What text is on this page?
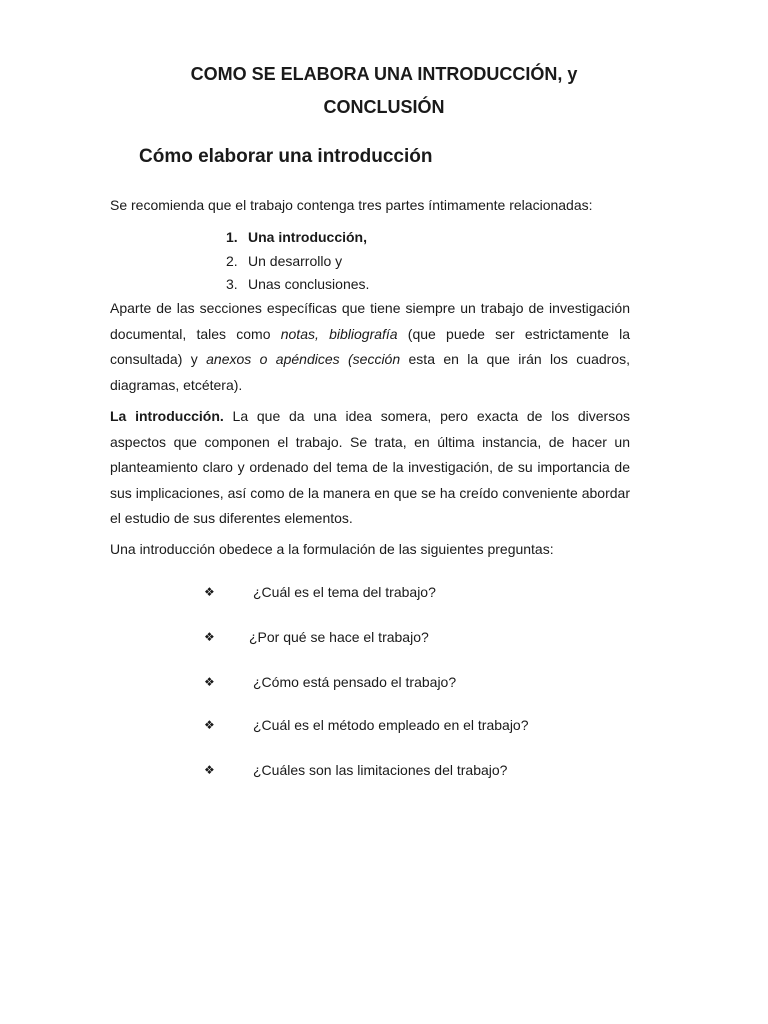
COMO SE ELABORA UNA INTRODUCCIÓN, y
CONCLUSIÓN
Cómo elaborar una introducción

Se recomienda que el trabajo contenga tres partes íntimamente relacionadas:

1. Una introducción,
2. Un desarrollo y
3. Unas conclusiones.

Aparte de las secciones específicas que tiene siempre un trabajo de investigación documental, tales como notas, bibliografía (que puede ser estrictamente la consultada) y anexos o apéndices (sección esta en la que irán los cuadros, diagramas, etcétera).

La introducción. La que da una idea somera, pero exacta de los diversos aspectos que componen el trabajo. Se trata, en última instancia, de hacer un planteamiento claro y ordenado del tema de la investigación, de su importancia de sus implicaciones, así como de la manera en que se ha creído conveniente abordar el estudio de sus diferentes elementos.

Una introducción obedece a la formulación de las siguientes preguntas:

❖	¿Cuál es el tema del trabajo?

❖ ¿Por qué se hace el trabajo?

❖	¿Cómo está pensado el trabajo?

❖	¿Cuál es el método empleado en el trabajo?

❖	¿Cuáles son las limitaciones del trabajo?
